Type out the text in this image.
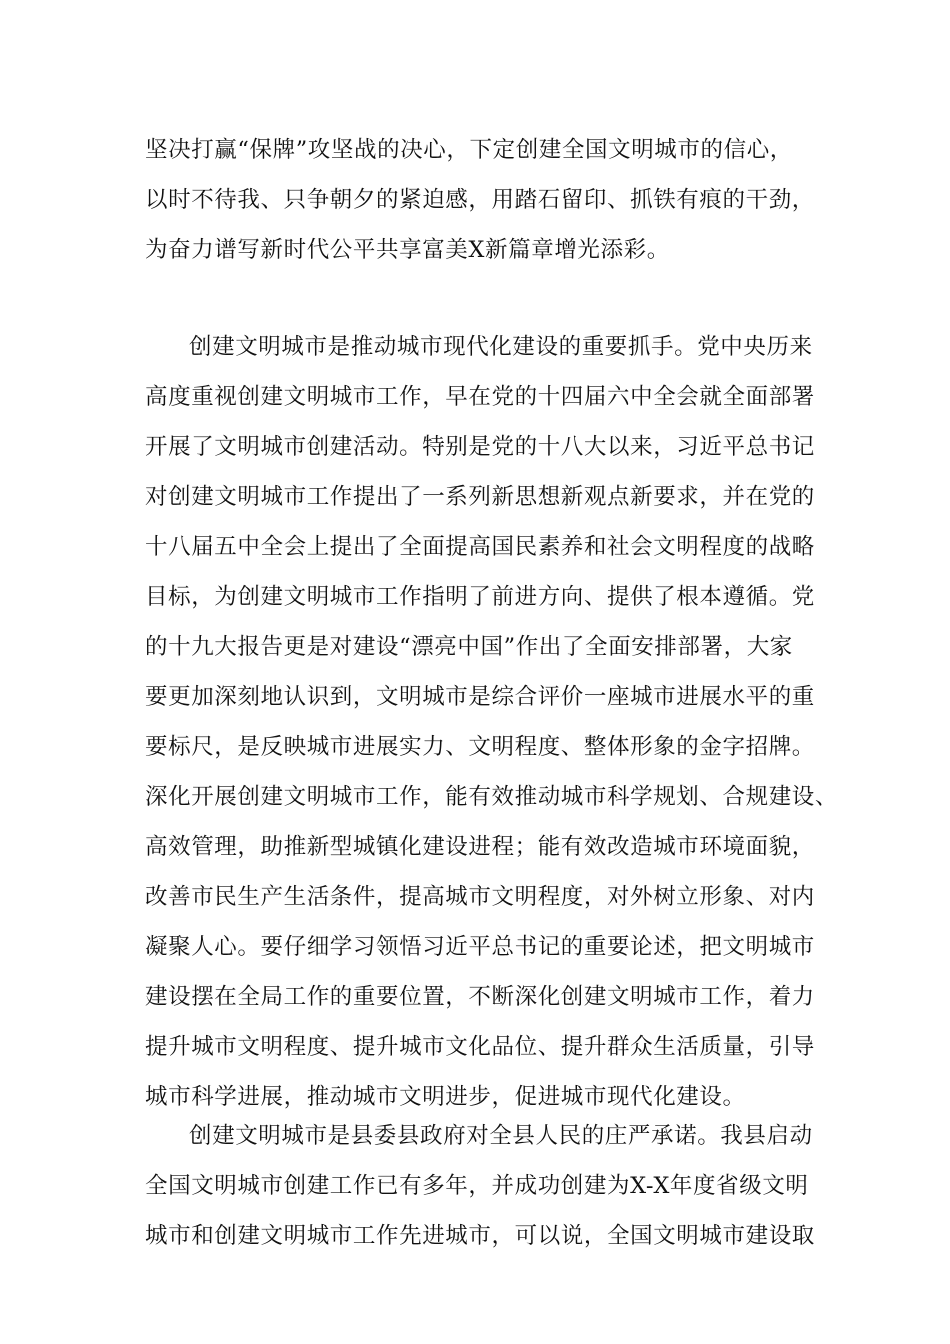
坚决打赢“保牌”攻坚战的决心，下定创建全国文明城市的信心，
以时不待我、只争朝夕的紧迫感，用踏石留印、抓铁有痕的干劲，
为奋力谱写新时代公平共享富美X新篇章增光添彩。
创建文明城市是推动城市现代化建设的重要抓手。党中央历来
高度重视创建文明城市工作，早在党的十四届六中全会就全面部署
开展了文明城市创建活动。特别是党的十八大以来，习近平总书记
对创建文明城市工作提出了一系列新思想新观点新要求，并在党的
十八届五中全会上提出了全面提高国民素养和社会文明程度的战略
目标，为创建文明城市工作指明了前进方向、提供了根本遵循。党
的十九大报告更是对建设“漂亮中国”作出了全面安排部署，大家
要更加深刻地认识到，文明城市是综合评价一座城市进展水平的重
要标尺，是反映城市进展实力、文明程度、整体形象的金字招牌。
深化开展创建文明城市工作，能有效推动城市科学规划、合规建设、
高效管理，助推新型城镇化建设进程；能有效改造城市环境面貌，
改善市民生产生活条件，提高城市文明程度，对外树立形象、对内
凝聚人心。要仔细学习领悟习近平总书记的重要论述，把文明城市
建设摆在全局工作的重要位置，不断深化创建文明城市工作，着力
提升城市文明程度、提升城市文化品位、提升群众生活质量，引导
城市科学进展，推动城市文明进步，促进城市现代化建设。
创建文明城市是县委县政府对全县人民的庄严承诺。我县启动
全国文明城市创建工作已有多年，并成功创建为X-X年度省级文明
城市和创建文明城市工作先进城市，可以说，全国文明城市建设取
